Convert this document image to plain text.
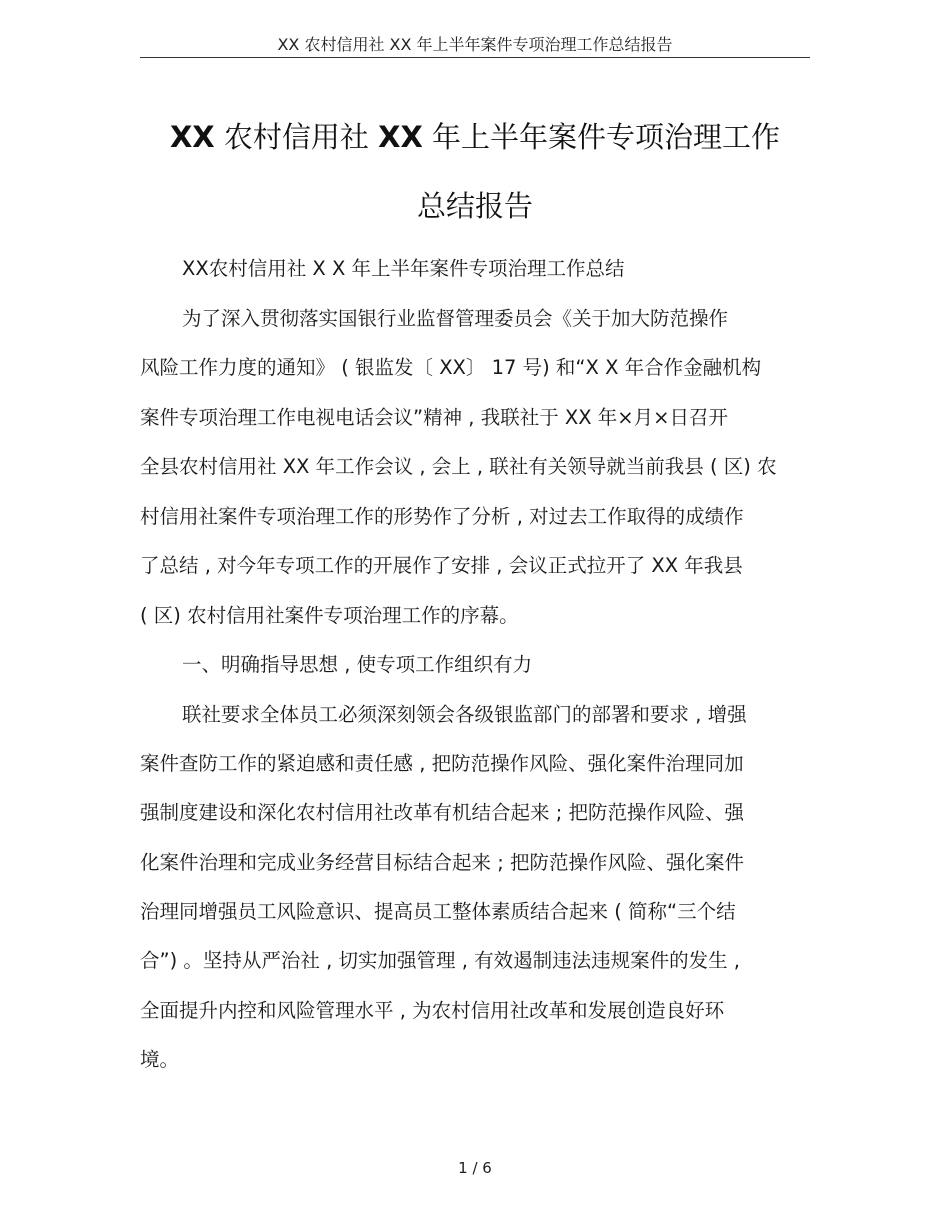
XX 农村信用社 XX 年上半年案件专项治理工作总结报告
XX 农村信用社 XX 年上半年案件专项治理工作
总结报告
XX农村信用社 X X 年上半年案件专项治理工作总结
为了深入贯彻落实国银行业监督管理委员会《关于加大防范操作
风险工作力度的通知》 ( 银监发〔 XX〕 17 号) 和“X X 年合作金融机构
案件专项治理工作电视电话会议”精神 , 我联社于 XX 年×月×日召开
全县农村信用社 XX 年工作会议 , 会上 , 联社有关领导就当前我县 ( 区) 农
村信用社案件专项治理工作的形势作了分析 , 对过去工作取得的成绩作
了总结 , 对今年专项工作的开展作了安排 , 会议正式拉开了 XX 年我县
( 区) 农村信用社案件专项治理工作的序幕。
一、明确指导思想 , 使专项工作组织有力
联社要求全体员工必须深刻领会各级银监部门的部署和要求 , 增强
案件查防工作的紧迫感和责任感 , 把防范操作风险、强化案件治理同加
强制度建设和深化农村信用社改革有机结合起来 ; 把防范操作风险、强
化案件治理和完成业务经营目标结合起来 ; 把防范操作风险、强化案件
治理同增强员工风险意识、提高员工整体素质结合起来 ( 简称“三个结
合”) 。坚持从严治社 , 切实加强管理 , 有效遏制违法违规案件的发生 ,
全面提升内控和风险管理水平 , 为农村信用社改革和发展创造良好环
境。
1 / 6
